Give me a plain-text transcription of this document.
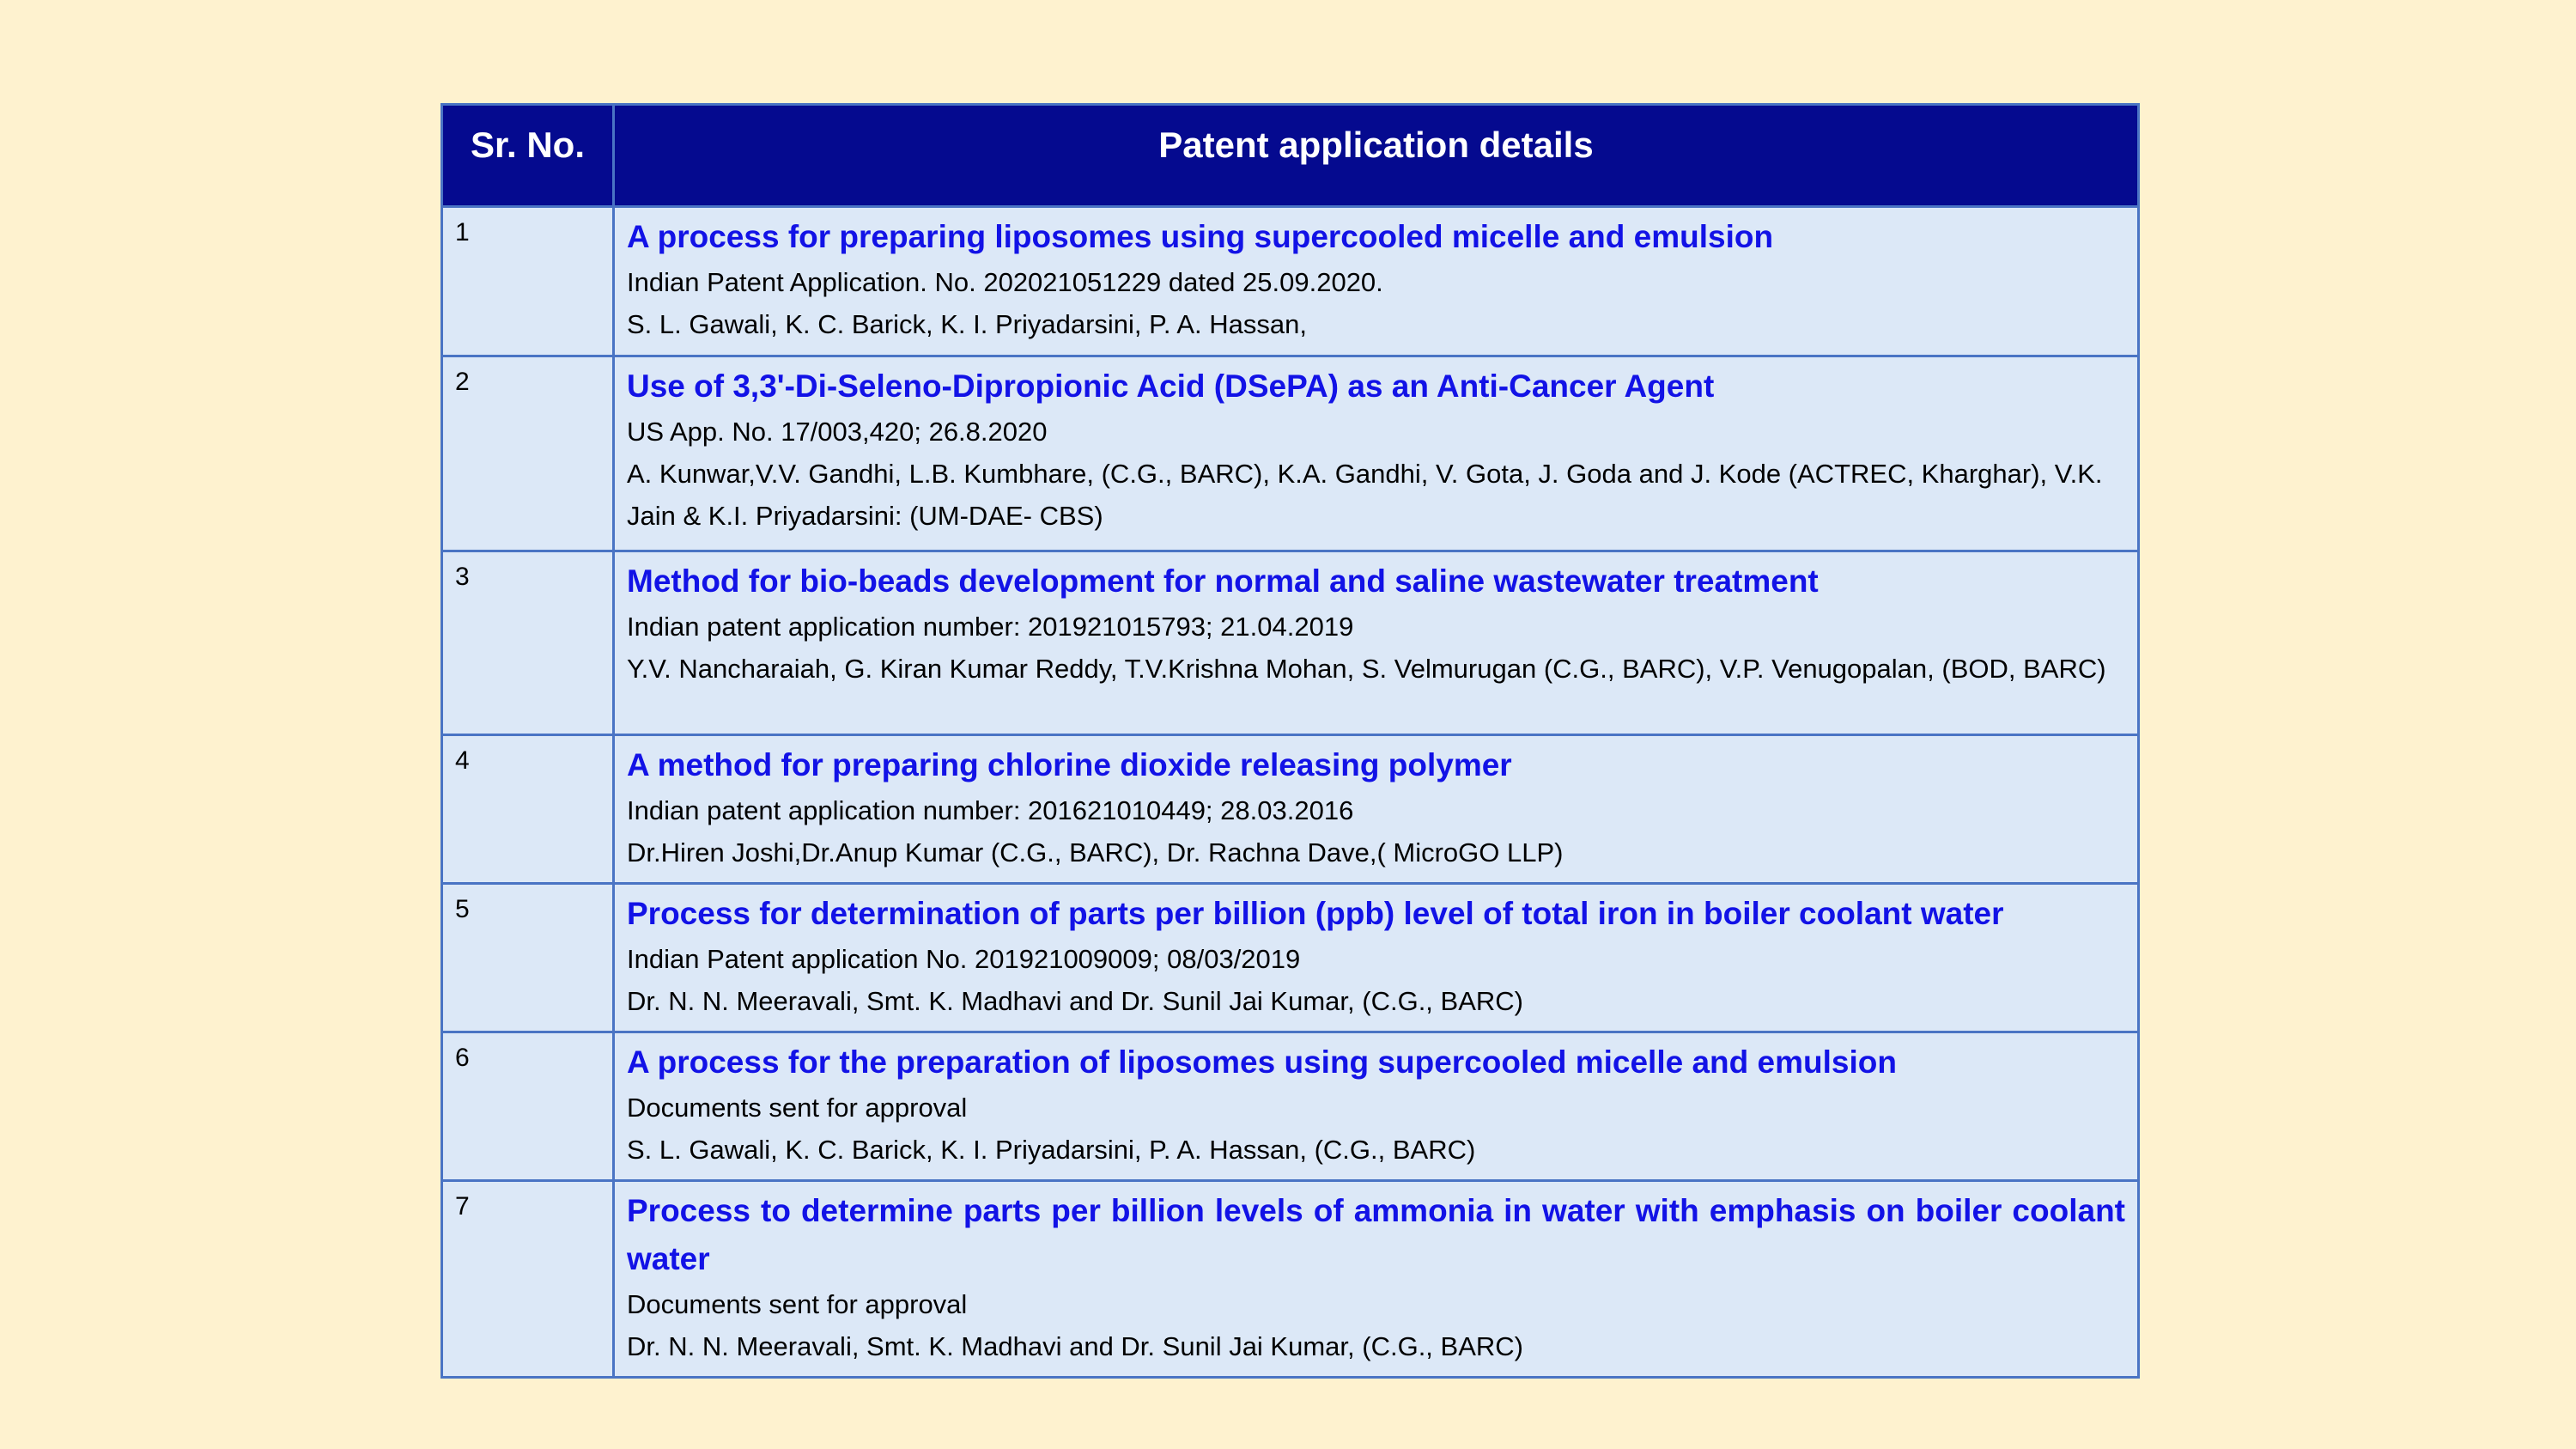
Sr. No.	Patent application details
1	A process for preparing liposomes using supercooled micelle and emulsion
Indian Patent Application. No. 202021051229 dated 25.09.2020.
S. L. Gawali, K. C. Barick, K. I. Priyadarsini, P. A. Hassan,

2	Use of 3,3'-Di-Seleno-Dipropionic Acid (DSePA) as an Anti-Cancer Agent
US App. No. 17/003,420; 26.8.2020
A. Kunwar,V.V. Gandhi, L.B. Kumbhare, (C.G., BARC), K.A. Gandhi, V. Gota, J. Goda and J. Kode (ACTREC, Kharghar), V.K. Jain & K.I. Priyadarsini: (UM-DAE- CBS)

3	Method for bio-beads development for normal and saline wastewater treatment
Indian patent application number: 201921015793; 21.04.2019
Y.V. Nancharaiah, G. Kiran Kumar Reddy, T.V.Krishna Mohan, S. Velmurugan (C.G., BARC), V.P. Venugopalan, (BOD, BARC)

4	A method for preparing chlorine dioxide releasing polymer
Indian patent application number: 201621010449; 28.03.2016
Dr.Hiren Joshi,Dr.Anup Kumar (C.G., BARC), Dr. Rachna Dave,( MicroGO LLP)

5	Process for determination of parts per billion (ppb) level of total iron in boiler coolant water
Indian Patent application No. 201921009009; 08/03/2019
Dr. N. N. Meeravali, Smt. K. Madhavi and Dr. Sunil Jai Kumar, (C.G., BARC)

6	A process for the preparation of liposomes using supercooled micelle and emulsion
Documents sent for approval
S. L. Gawali, K. C. Barick, K. I. Priyadarsini, P. A. Hassan, (C.G., BARC)

7	Process to determine parts per billion levels of ammonia in water with emphasis on boiler coolant water
Documents sent for approval
Dr. N. N. Meeravali, Smt. K. Madhavi and Dr. Sunil Jai Kumar, (C.G., BARC)
